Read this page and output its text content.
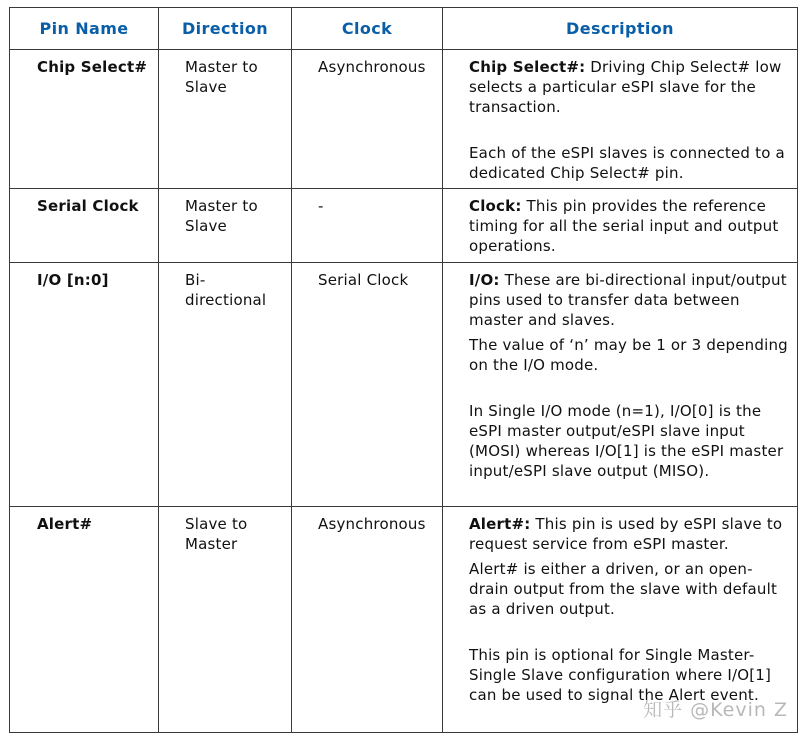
Pin Name	Direction	Clock	Description
Chip Select#	Master to Slave	Asynchronous	Chip Select#: Driving Chip Select# low selects a particular eSPI slave for the transaction.

Each of the eSPI slaves is connected to a dedicated Chip Select# pin.

Serial Clock	Master to Slave	-	Clock: This pin provides the reference timing for all the serial input and output operations.

I/O [n:0]	Bi-directional	Serial Clock	I/O: These are bi-directional input/output pins used to transfer data between master and slaves.

The value of ‘n’ may be 1 or 3 depending on the I/O mode.

In Single I/O mode (n=1), I/O[0] is the eSPI master output/eSPI slave input (MOSI) whereas I/O[1] is the eSPI master input/eSPI slave output (MISO).

Alert#	Slave to Master	Asynchronous	Alert#: This pin is used by eSPI slave to request service from eSPI master.

Alert# is either a driven, or an open-drain output from the slave with default as a driven output.

This pin is optional for Single Master-Single Slave configuration where I/O[1] can be used to signal the Alert event.

知乎 @Kevin Z
